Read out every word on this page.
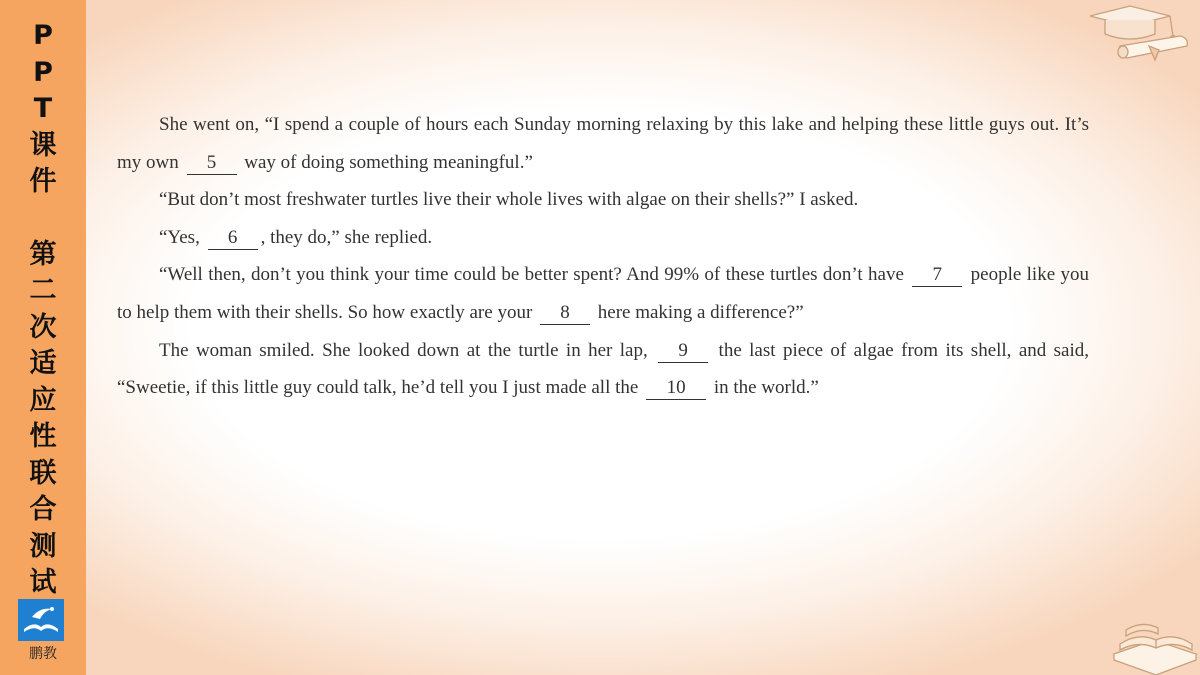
PPT课件
第二次适应性联合测试
鹏教

She went on, “I spend a couple of hours each Sunday morning relaxing by this lake and helping these little guys out. It’s my own 5 way of doing something meaningful.”

“But don’t most freshwater turtles live their whole lives with algae on their shells?” I asked.

“Yes, 6 , they do,” she replied.

“Well then, don’t you think your time could be better spent? And 99% of these turtles don’t have 7 people like you to help them with their shells. So how exactly are your 8 here making a difference?”

The woman smiled. She looked down at the turtle in her lap, 9 the last piece of algae from its shell, and said, “Sweetie, if this little guy could talk, he’d tell you I just made all the 10 in the world.”
